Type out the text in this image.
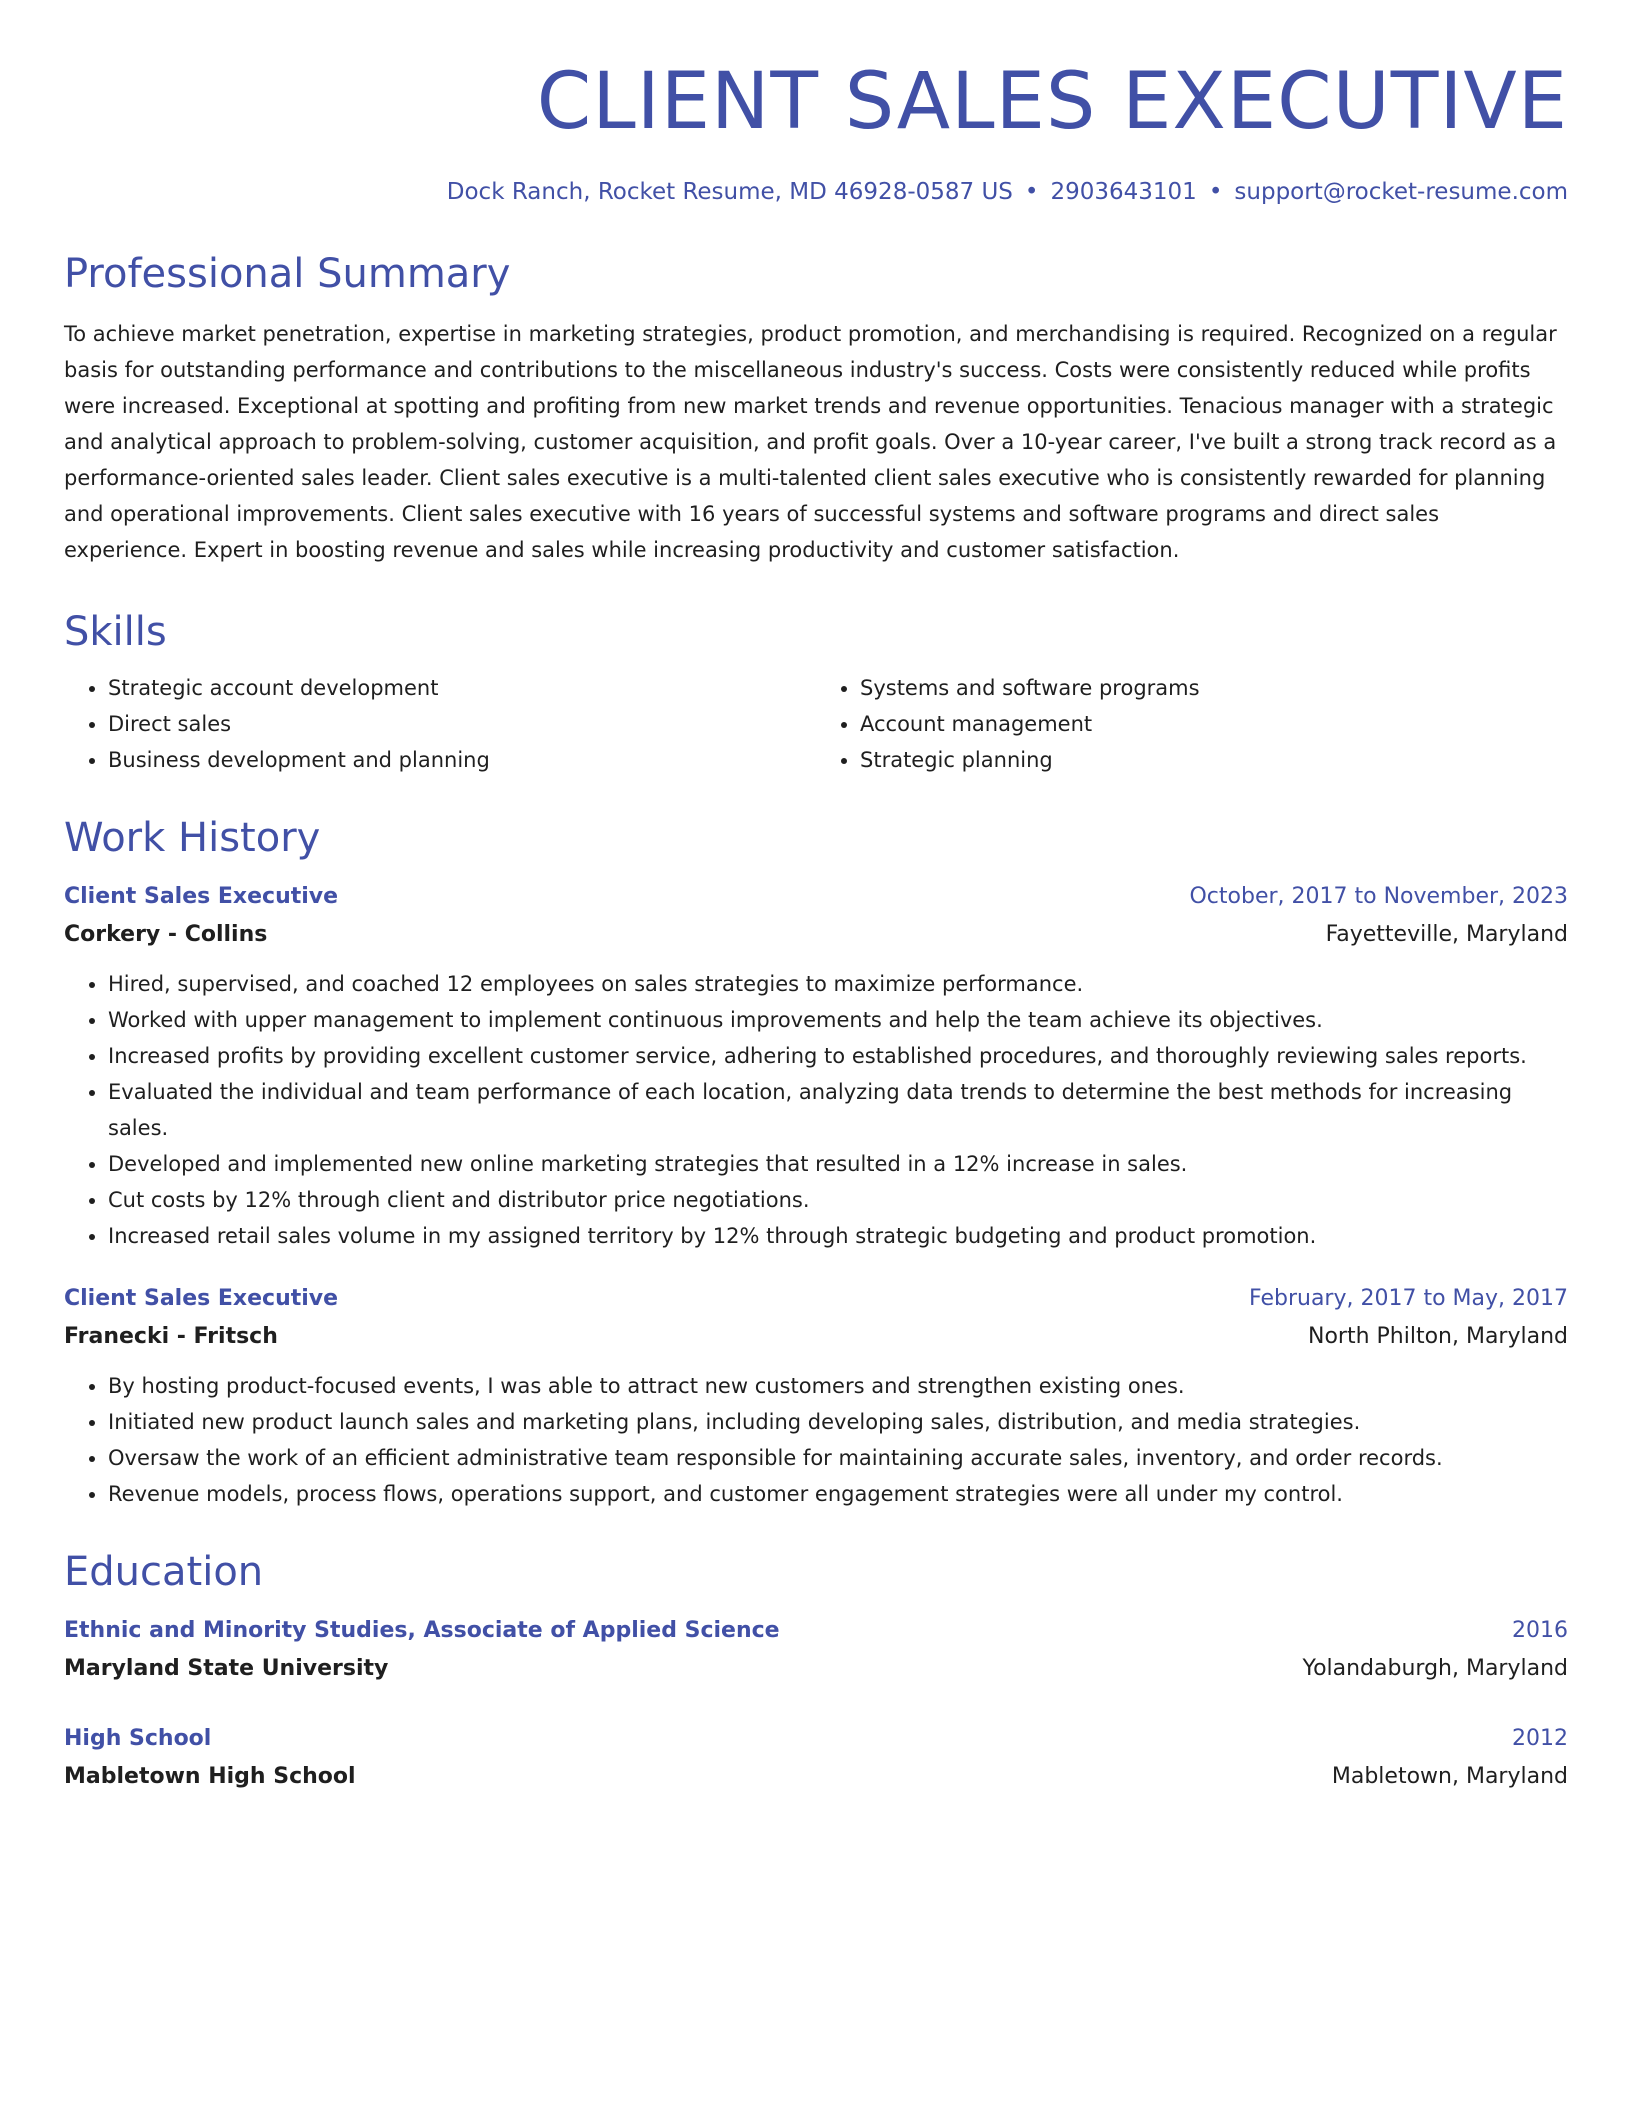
CLIENT SALES EXECUTIVE
Dock Ranch, Rocket Resume, MD 46928-0587 US • 2903643101 • support@rocket-resume.com
Professional Summary
To achieve market penetration, expertise in marketing strategies, product promotion, and merchandising is required. Recognized on a regular basis for outstanding performance and contributions to the miscellaneous industry's success. Costs were consistently reduced while profits were increased. Exceptional at spotting and profiting from new market trends and revenue opportunities. Tenacious manager with a strategic and analytical approach to problem-solving, customer acquisition, and profit goals. Over a 10-year career, I've built a strong track record as a performance-oriented sales leader. Client sales executive is a multi-talented client sales executive who is consistently rewarded for planning and operational improvements. Client sales executive with 16 years of successful systems and software programs and direct sales experience. Expert in boosting revenue and sales while increasing productivity and customer satisfaction.
Skills
• Strategic account development
• Direct sales
• Business development and planning
• Systems and software programs
• Account management
• Strategic planning
Work History
Client Sales Executive	October, 2017 to November, 2023
Corkery - Collins	Fayetteville, Maryland
• Hired, supervised, and coached 12 employees on sales strategies to maximize performance.
• Worked with upper management to implement continuous improvements and help the team achieve its objectives.
• Increased profits by providing excellent customer service, adhering to established procedures, and thoroughly reviewing sales reports.
• Evaluated the individual and team performance of each location, analyzing data trends to determine the best methods for increasing sales.
• Developed and implemented new online marketing strategies that resulted in a 12% increase in sales.
• Cut costs by 12% through client and distributor price negotiations.
• Increased retail sales volume in my assigned territory by 12% through strategic budgeting and product promotion.
Client Sales Executive	February, 2017 to May, 2017
Franecki - Fritsch	North Philton, Maryland
• By hosting product-focused events, I was able to attract new customers and strengthen existing ones.
• Initiated new product launch sales and marketing plans, including developing sales, distribution, and media strategies.
• Oversaw the work of an efficient administrative team responsible for maintaining accurate sales, inventory, and order records.
• Revenue models, process flows, operations support, and customer engagement strategies were all under my control.
Education
Ethnic and Minority Studies, Associate of Applied Science	2016
Maryland State University	Yolandaburgh, Maryland
High School	2012
Mabletown High School	Mabletown, Maryland
